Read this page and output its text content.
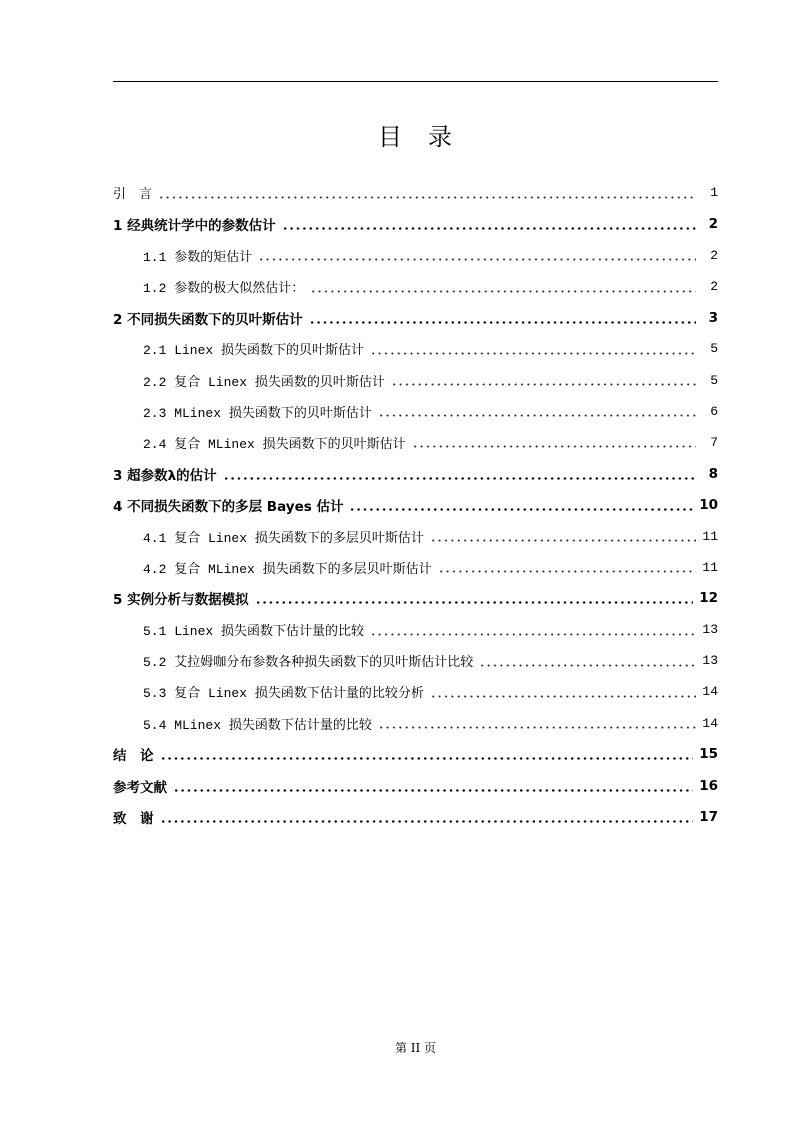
目　录
引　言	1
1 经典统计学中的参数估计	2
1.1 参数的矩估计	2
1.2 参数的极大似然估计：	2
2 不同损失函数下的贝叶斯估计	3
2.1 Linex 损失函数下的贝叶斯估计	5
2.2 复合 Linex 损失函数的贝叶斯估计	5
2.3 MLinex 损失函数下的贝叶斯估计	6
2.4 复合 MLinex 损失函数下的贝叶斯估计	7
3 超参数λ的估计	8
4 不同损失函数下的多层 Bayes 估计	10
4.1 复合 Linex 损失函数下的多层贝叶斯估计	11
4.2 复合 MLinex 损失函数下的多层贝叶斯估计	11
5 实例分析与数据模拟	12
5.1 Linex 损失函数下估计量的比较	13
5.2 艾拉姆咖分布参数各种损失函数下的贝叶斯估计比较	13
5.3 复合 Linex 损失函数下估计量的比较分析	14
5.4 MLinex 损失函数下估计量的比较	14
结　论	15
参考文献	16
致　谢	17
第 II 页
